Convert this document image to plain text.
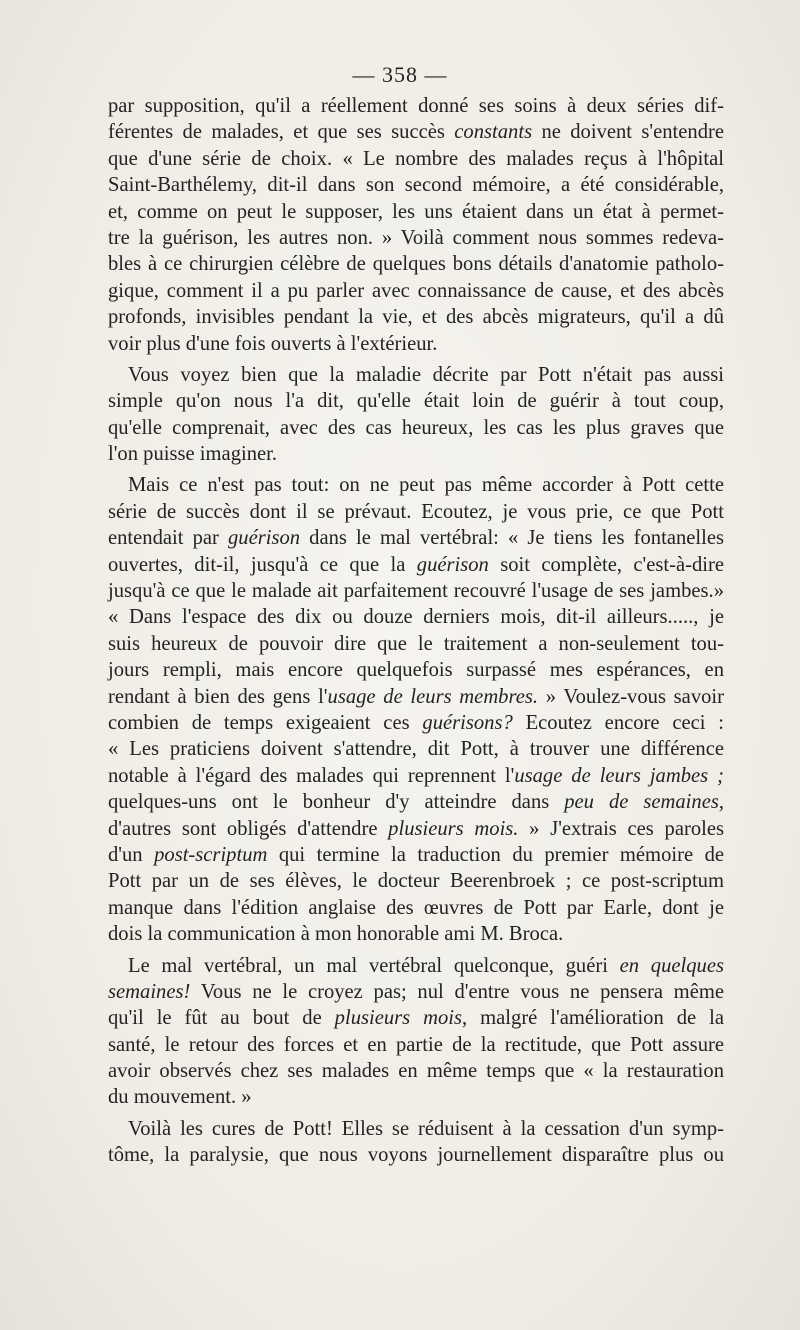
— 358 —
par supposition, qu'il a réellement donné ses soins à deux séries dif-
férentes de malades, et que ses succès constants ne doivent s'entendre
que d'une série de choix. « Le nombre des malades reçus à l'hôpital
Saint-Barthélemy, dit-il dans son second mémoire, a été considérable,
et, comme on peut le supposer, les uns étaient dans un état à permet-
tre la guérison, les autres non. » Voilà comment nous sommes redeva-
bles à ce chirurgien célèbre de quelques bons détails d'anatomie patholo-
gique, comment il a pu parler avec connaissance de cause, et des abcès
profonds, invisibles pendant la vie, et des abcès migrateurs, qu'il a dû
voir plus d'une fois ouverts à l'extérieur.
Vous voyez bien que la maladie décrite par Pott n'était pas aussi
simple qu'on nous l'a dit, qu'elle était loin de guérir à tout coup,
qu'elle comprenait, avec des cas heureux, les cas les plus graves que
l'on puisse imaginer.
Mais ce n'est pas tout: on ne peut pas même accorder à Pott cette
série de succès dont il se prévaut. Ecoutez, je vous prie, ce que Pott
entendait par guérison dans le mal vertébral: « Je tiens les fontanelles
ouvertes, dit-il, jusqu'à ce que la guérison soit complète, c'est-à-dire
jusqu'à ce que le malade ait parfaitement recouvré l'usage de ses jambes.»
« Dans l'espace des dix ou douze derniers mois, dit-il ailleurs....., je
suis heureux de pouvoir dire que le traitement a non-seulement tou-
jours rempli, mais encore quelquefois surpassé mes espérances, en
rendant à bien des gens l'usage de leurs membres. » Voulez-vous savoir
combien de temps exigeaient ces guérisons? Ecoutez encore ceci :
« Les praticiens doivent s'attendre, dit Pott, à trouver une différence
notable à l'égard des malades qui reprennent l'usage de leurs jambes ;
quelques-uns ont le bonheur d'y atteindre dans peu de semaines,
d'autres sont obligés d'attendre plusieurs mois. » J'extrais ces paroles
d'un post-scriptum qui termine la traduction du premier mémoire de
Pott par un de ses élèves, le docteur Beerenbroek ; ce post-scriptum
manque dans l'édition anglaise des œuvres de Pott par Earle, dont je
dois la communication à mon honorable ami M. Broca.
Le mal vertébral, un mal vertébral quelconque, guéri en quelques
semaines! Vous ne le croyez pas; nul d'entre vous ne pensera même
qu'il le fût au bout de plusieurs mois, malgré l'amélioration de la
santé, le retour des forces et en partie de la rectitude, que Pott assure
avoir observés chez ses malades en même temps que « la restauration
du mouvement. »
Voilà les cures de Pott! Elles se réduisent à la cessation d'un symp-
tôme, la paralysie, que nous voyons journellement disparaître plus ou
